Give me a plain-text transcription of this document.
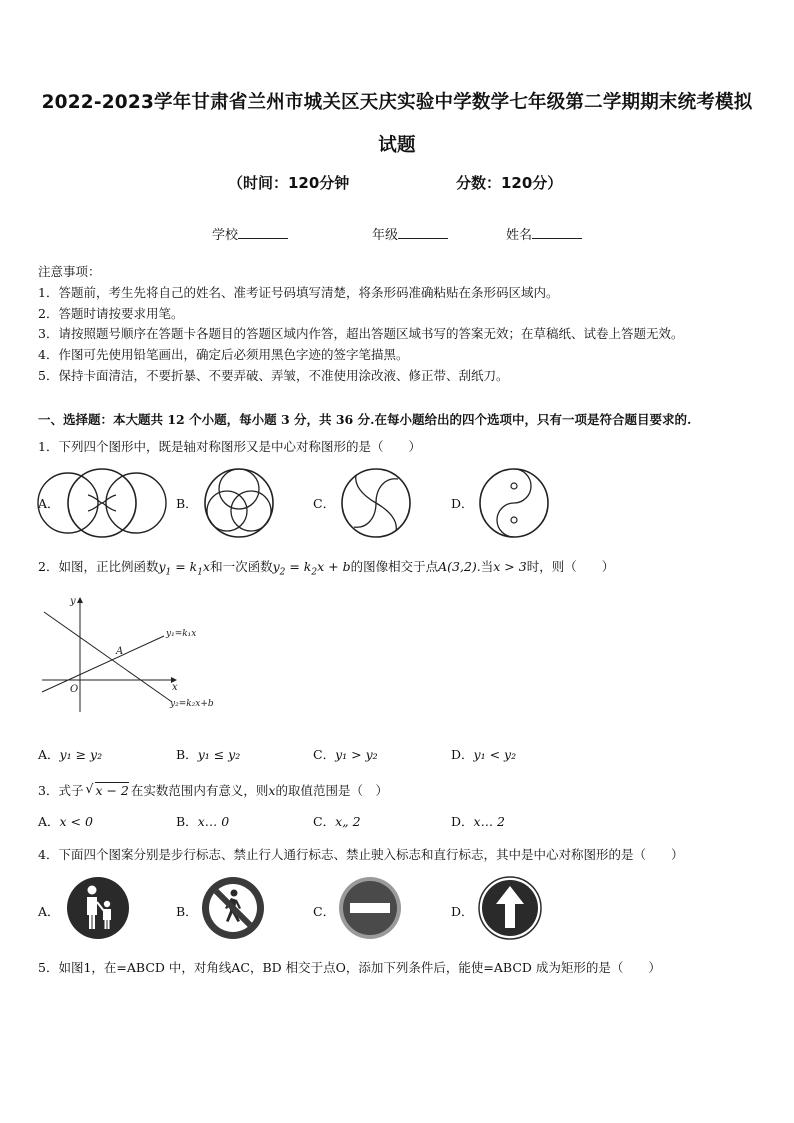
2022-2023学年甘肃省兰州市城关区天庆实验中学数学七年级第二学期期末统考模拟
试题
（时间：120分钟	分数：120分）
学校	年级	姓名
注意事项：
1．答题前，考生先将自己的姓名、准考证号码填写清楚，将条形码准确粘贴在条形码区域内。
2．答题时请按要求用笔。
3．请按照题号顺序在答题卡各题目的答题区域内作答，超出答题区域书写的答案无效；在草稿纸、试卷上答题无效。
4．作图可先使用铅笔画出，确定后必须用黑色字迹的签字笔描黑。
5．保持卡面清洁，不要折暴、不要弄破、弄皱，不准使用涂改液、修正带、刮纸刀。
一、选择题：本大题共 12 个小题，每小题 3 分，共 36 分.在每小题给出的四个选项中，只有一项是符合题目要求的.
1．下列四个图形中，既是轴对称图形又是中心对称图形的是（　　）
A．	B．	C．	D．
2．如图，正比例函数$y_1 = k_1x$和一次函数$y_2 = k_2x + b$的图像相交于点A(3,2).当x > 3时，则（　　）
y
x
O
A
y₁=k₁x
y₂=k₂x+b
A．y₁ ≥ y₂	B．y₁ ≤ y₂	C．y₁ > y₂	D．y₁ < y₂
3．式子 √ x − 2 在实数范围内有意义，则x的取值范围是（　）
A．x < 0	B．x… 0	C．x„ 2	D．x… 2
4．下面四个图案分别是步行标志、禁止行人通行标志、禁止驶入标志和直行标志，其中是中心对称图形的是（　　）
A．	B．	C．	D．
5．如图1，在=ABCD 中，对角线AC，BD 相交于点O，添加下列条件后，能使=ABCD 成为矩形的是（　　）
